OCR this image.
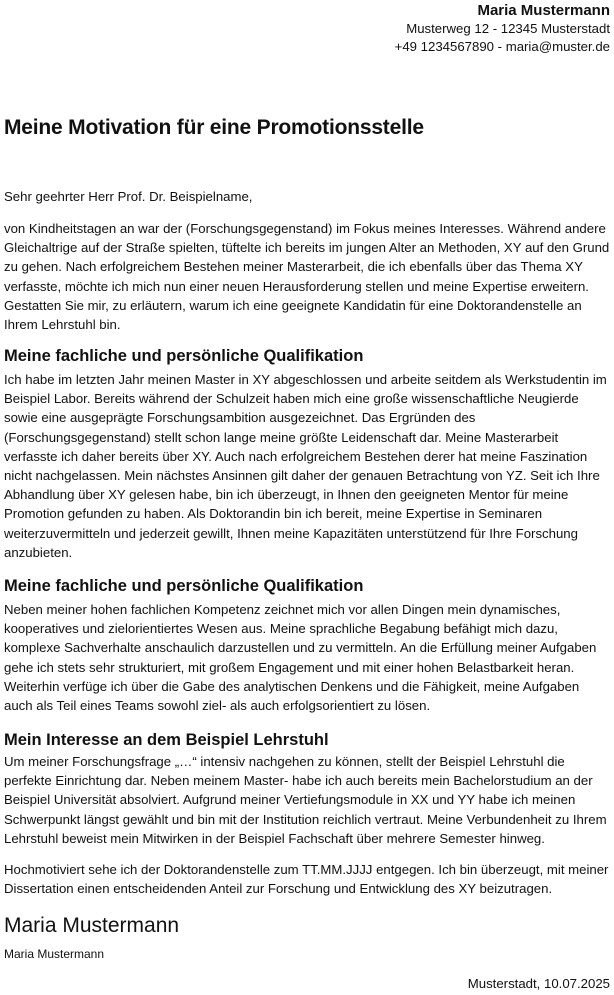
Maria Mustermann
Musterweg 12 - 12345 Musterstadt
+49 1234567890 - maria@muster.de
Meine Motivation für eine Promotionsstelle

Sehr geehrter Herr Prof. Dr. Beispielname,

von Kindheitstagen an war der (Forschungsgegenstand) im Fokus meines Interesses. Während andere Gleichaltrige auf der Straße spielten, tüftelte ich bereits im jungen Alter an Methoden, XY auf den Grund zu gehen. Nach erfolgreichem Bestehen meiner Masterarbeit, die ich ebenfalls über das Thema XY verfasste, möchte ich mich nun einer neuen Herausforderung stellen und meine Expertise erweitern. Gestatten Sie mir, zu erläutern, warum ich eine geeignete Kandidatin für eine Doktorandenstelle an Ihrem Lehrstuhl bin.

Meine fachliche und persönliche Qualifikation

Ich habe im letzten Jahr meinen Master in XY abgeschlossen und arbeite seitdem als Werkstudentin im Beispiel Labor. Bereits während der Schulzeit haben mich eine große wissenschaftliche Neugierde sowie eine ausgeprägte Forschungsambition ausgezeichnet. Das Ergründen des (Forschungsgegenstand) stellt schon lange meine größte Leidenschaft dar. Meine Masterarbeit verfasste ich daher bereits über XY. Auch nach erfolgreichem Bestehen derer hat meine Faszination nicht nachgelassen. Mein nächstes Ansinnen gilt daher der genauen Betrachtung von YZ. Seit ich Ihre Abhandlung über XY gelesen habe, bin ich überzeugt, in Ihnen den geeigneten Mentor für meine Promotion gefunden zu haben. Als Doktorandin bin ich bereit, meine Expertise in Seminaren weiterzuvermitteln und jederzeit gewillt, Ihnen meine Kapazitäten unterstützend für Ihre Forschung anzubieten.

Meine fachliche und persönliche Qualifikation

Neben meiner hohen fachlichen Kompetenz zeichnet mich vor allen Dingen mein dynamisches, kooperatives und zielorientiertes Wesen aus. Meine sprachliche Begabung befähigt mich dazu, komplexe Sachverhalte anschaulich darzustellen und zu vermitteln. An die Erfüllung meiner Aufgaben gehe ich stets sehr strukturiert, mit großem Engagement und mit einer hohen Belastbarkeit heran. Weiterhin verfüge ich über die Gabe des analytischen Denkens und die Fähigkeit, meine Aufgaben auch als Teil eines Teams sowohl ziel- als auch erfolgsorientiert zu lösen.

Mein Interesse an dem Beispiel Lehrstuhl

Um meiner Forschungsfrage „…“ intensiv nachgehen zu können, stellt der Beispiel Lehrstuhl die perfekte Einrichtung dar. Neben meinem Master- habe ich auch bereits mein Bachelorstudium an der Beispiel Universität absolviert. Aufgrund meiner Vertiefungsmodule in XX und YY habe ich meinen Schwerpunkt längst gewählt und bin mit der Institution reichlich vertraut. Meine Verbundenheit zu Ihrem Lehrstuhl beweist mein Mitwirken in der Beispiel Fachschaft über mehrere Semester hinweg.

Hochmotiviert sehe ich der Doktorandenstelle zum TT.MM.JJJJ entgegen. Ich bin überzeugt, mit meiner Dissertation einen entscheidenden Anteil zur Forschung und Entwicklung des XY beizutragen.

Maria Mustermann
Maria Mustermann
Musterstadt, 10.07.2025
